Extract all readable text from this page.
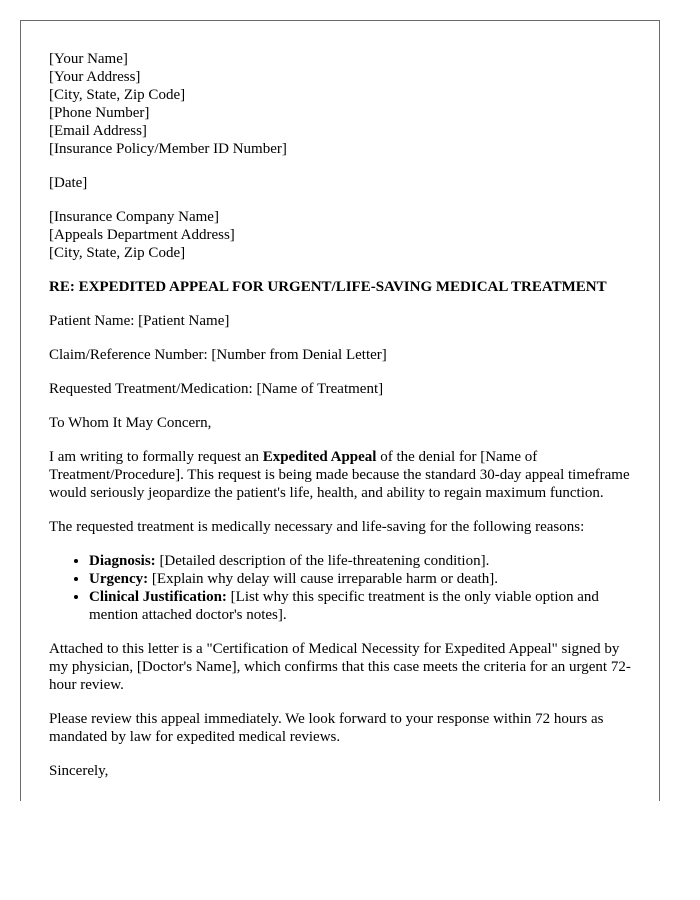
[Your Name]
[Your Address]
[City, State, Zip Code]
[Phone Number]
[Email Address]
[Insurance Policy/Member ID Number]

[Date]

[Insurance Company Name]
[Appeals Department Address]
[City, State, Zip Code]

RE: EXPEDITED APPEAL FOR URGENT/LIFE-SAVING MEDICAL TREATMENT

Patient Name: [Patient Name]

Claim/Reference Number: [Number from Denial Letter]

Requested Treatment/Medication: [Name of Treatment]

To Whom It May Concern,

I am writing to formally request an Expedited Appeal of the denial for [Name of Treatment/Procedure]. This request is being made because the standard 30-day appeal timeframe would seriously jeopardize the patient's life, health, and ability to regain maximum function.

The requested treatment is medically necessary and life-saving for the following reasons:

• Diagnosis: [Detailed description of the life-threatening condition].
• Urgency: [Explain why delay will cause irreparable harm or death].
• Clinical Justification: [List why this specific treatment is the only viable option and mention attached doctor's notes].

Attached to this letter is a "Certification of Medical Necessity for Expedited Appeal" signed by my physician, [Doctor's Name], which confirms that this case meets the criteria for an urgent 72-hour review.

Please review this appeal immediately. We look forward to your response within 72 hours as mandated by law for expedited medical reviews.

Sincerely,
